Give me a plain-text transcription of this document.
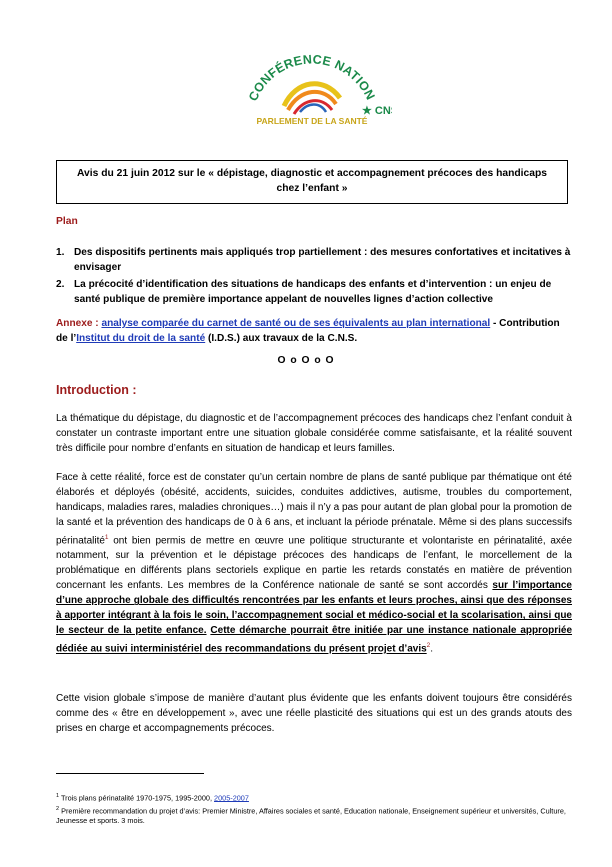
CONFÉRENCE NATION
★ CN
PARLEMENT DE LA SANTÉ
Avis du 21 juin 2012 sur le « dépistage, diagnostic et accompagnement précoces des handicaps
chez l’enfant »
Plan
1. Des dispositifs pertinents mais appliqués trop partiellement : des mesures confortatives et incitatives à envisager
2. La précocité d’identification des situations de handicaps des enfants et d’intervention : un enjeu de santé publique de première importance appelant de nouvelles lignes d’action collective
Annexe : analyse comparée du carnet de santé ou de ses équivalents au plan international - Contribution de l’Institut du droit de la santé (I.D.S.) aux travaux de la C.N.S.
O o O o O
Introduction :
La thématique du dépistage, du diagnostic et de l’accompagnement précoces des handicaps chez l’enfant conduit à constater un contraste important entre une situation globale considérée comme satisfaisante, et la réalité souvent très difficile pour nombre d’enfants en situation de handicap et leurs familles.
Face à cette réalité, force est de constater qu’un certain nombre de plans de santé publique par thématique ont été élaborés et déployés (obésité, accidents, suicides, conduites addictives, autisme, troubles du comportement, handicaps, maladies rares, maladies chroniques…) mais il n’y a pas pour autant de plan global pour la promotion de la santé et la prévention des handicaps de 0 à 6 ans, et incluant la période prénatale. Même si des plans successifs périnatalité$^1$ ont bien permis de mettre en œuvre une politique structurante et volontariste en périnatalité, axée notamment, sur la prévention et le dépistage précoces des handicaps de l’enfant, le morcellement de la problématique en différents plans sectoriels explique en partie les retards constatés en matière de prévention concernant les enfants. Les membres de la Conférence nationale de santé se sont accordés sur l’importance d’une approche globale des difficultés rencontrées par les enfants et leurs proches, ainsi que des réponses à apporter intégrant à la fois le soin, l’accompagnement social et médico-social et la scolarisation, ainsi que le secteur de la petite enfance. Cette démarche pourrait être initiée par une instance nationale appropriée dédiée au suivi interministériel des recommandations du présent projet d’avis$^2$.
Cette vision globale s’impose de manière d’autant plus évidente que les enfants doivent toujours être considérés comme des « être en développement », avec une réelle plasticité des situations qui est un des grands atouts des prises en charge et accompagnements précoces.
$^1$ Trois plans périnatalité 1970-1975, 1995-2000, 2005-2007
$^2$ Première recommandation du projet d’avis: Premier Ministre, Affaires sociales et santé, Education nationale, Enseignement supérieur et universités, Culture, Jeunesse et sports. 3 mois.
